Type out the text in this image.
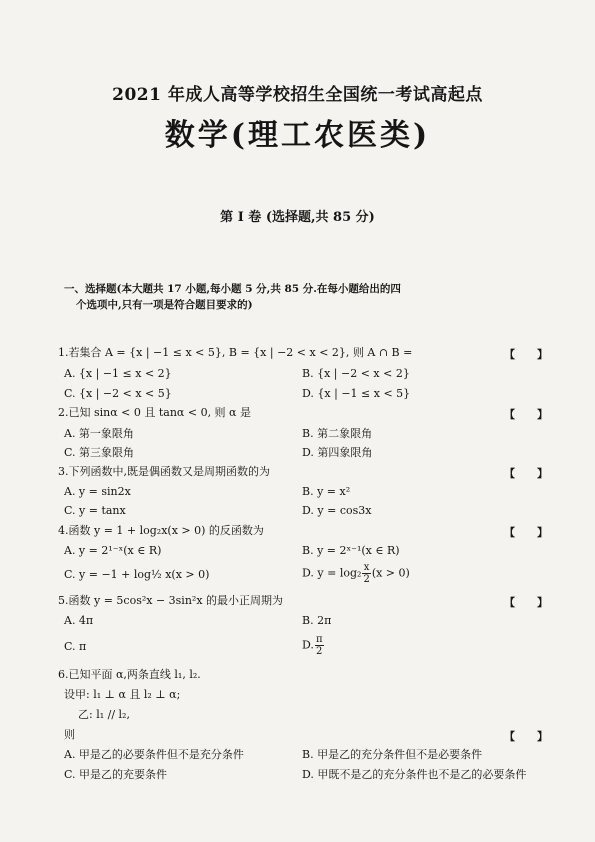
2021 年成人高等学校招生全国统一考试高起点
数学(理工农医类)
第 Ⅰ 卷 (选择题,共 85 分)
一、选择题(本大题共 17 小题,每小题 5 分,共 85 分.在每小题给出的四
个选项中,只有一项是符合题目要求的)
1.若集合 A = {x | −1 ≤ x < 5}, B = {x | −2 < x < 2}, 则 A ∩ B =	【　　】
A. {x | −1 ≤ x < 2}	B. {x | −2 < x < 2}
C. {x | −2 < x < 5}	D. {x | −1 ≤ x < 5}
2.已知 sinα < 0 且 tanα < 0, 则 α 是	【　　】
A. 第一象限角	B. 第二象限角
C. 第三象限角	D. 第四象限角
3.下列函数中,既是偶函数又是周期函数的为	【　　】
A. y = sin2x	B. y = x²
C. y = tanx	D. y = cos3x
4.函数 y = 1 + log₂x(x > 0) 的反函数为	【　　】
A. y = 2¹⁻ˣ(x ∈ R)	B. y = 2ˣ⁻¹(x ∈ R)
C. y = −1 + log½ x(x > 0)	D. $y = \log_2 \frac{x}{2} (x > 0)$
5.函数 y = 5cos²x − 3sin²x 的最小正周期为	【　　】
A. 4π	B. 2π
C. π	D. $\frac{\pi}{2}$
6.已知平面 α,两条直线 l₁, l₂.
设甲: l₁ ⊥ α 且 l₂ ⊥ α;
乙: l₁ // l₂,
则	【　　】
A. 甲是乙的必要条件但不是充分条件	B. 甲是乙的充分条件但不是必要条件
C. 甲是乙的充要条件	D. 甲既不是乙的充分条件也不是乙的必要条件
